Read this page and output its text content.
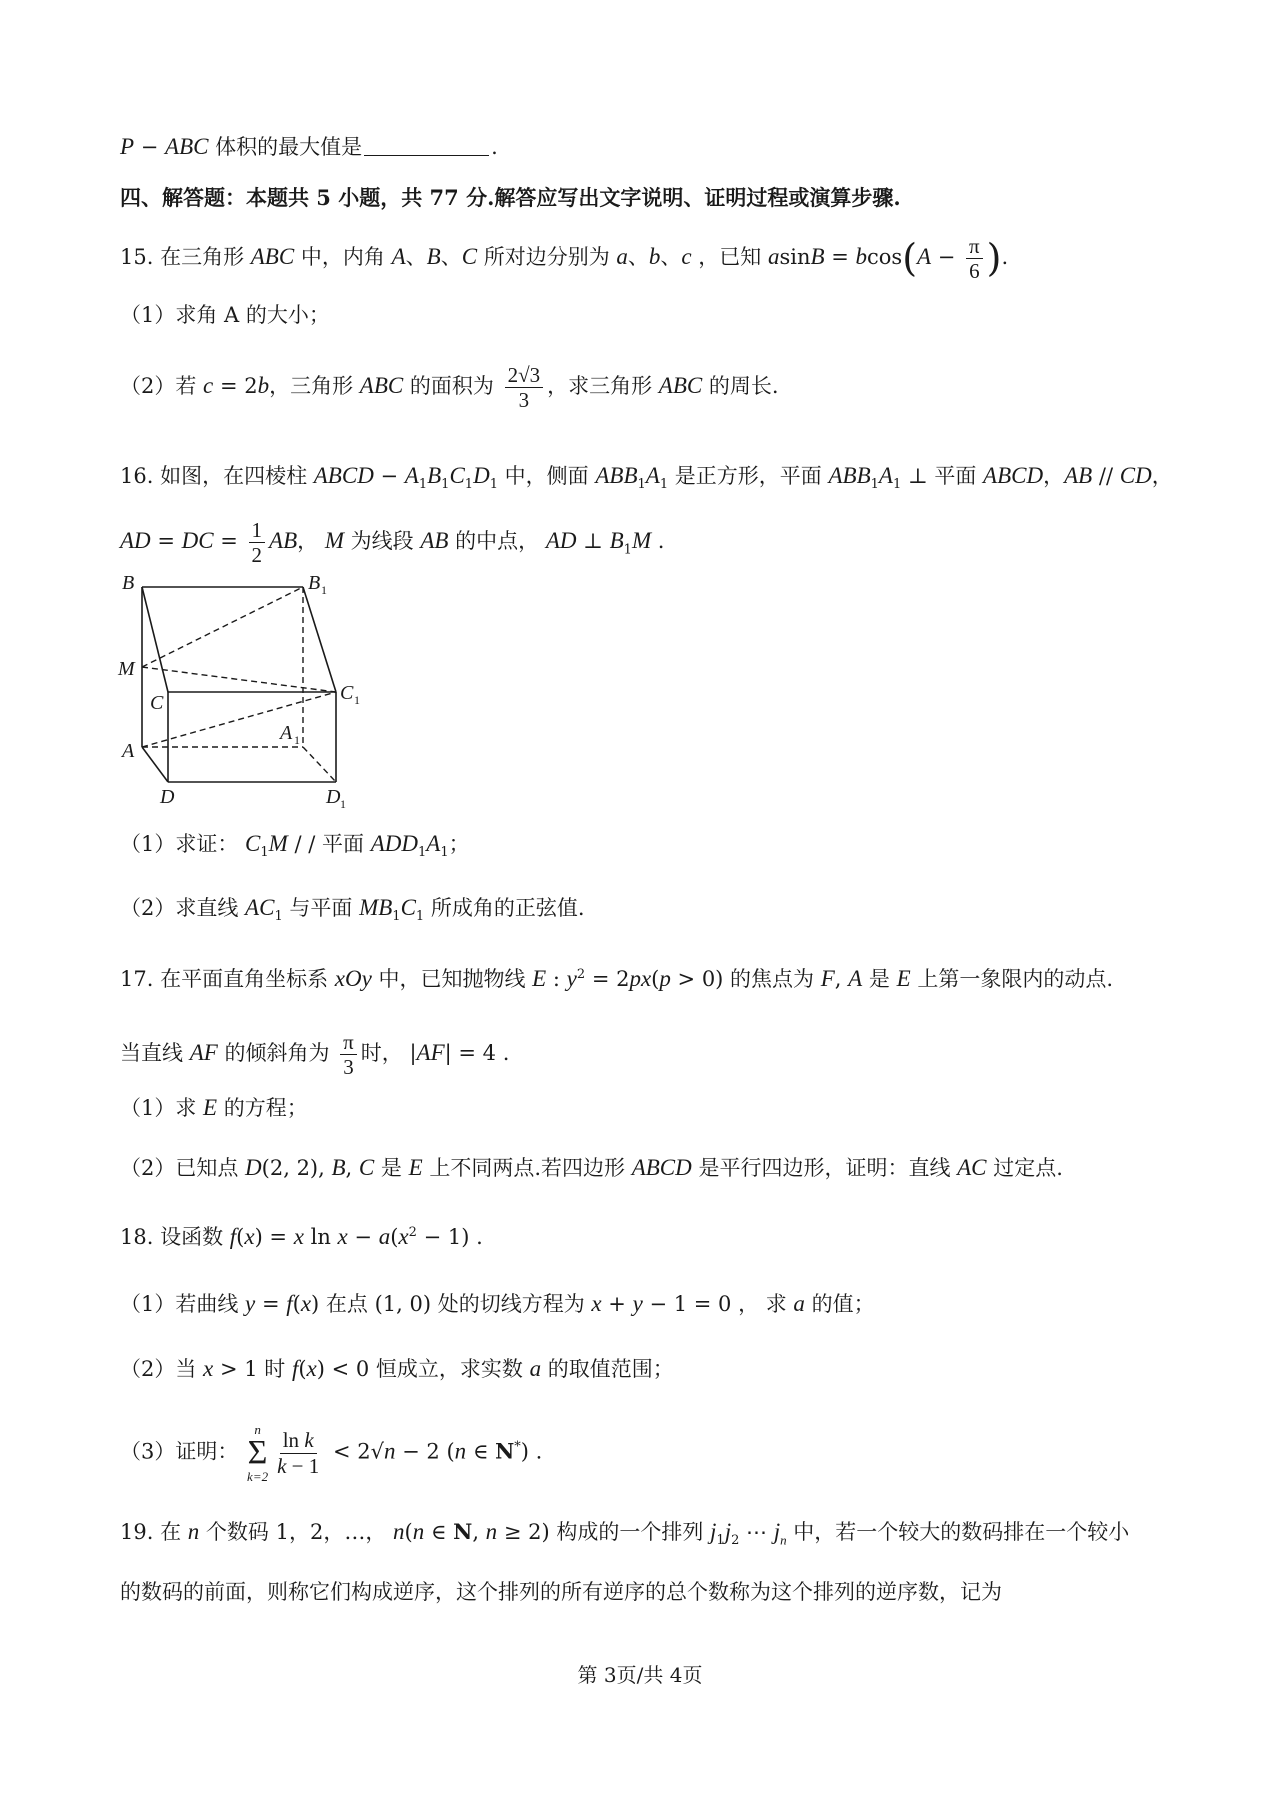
P − ABC 体积的最大值是	.
四、解答题：本题共 5 小题，共 77 分.解答应写出文字说明、证明过程或演算步骤.
15. 在三角形 ABC 中，内角 A、B、C 所对边分别为 a、b、c ，已知 $asinB = bcos(A - \frac{\pi}{6}$ ).
（1）求角 A 的大小；
（2）若 c = 2b，三角形 ABC 的面积为 $\frac{2√3}{3}$ ，求三角形 ABC 的周长.
16. 如图，在四棱柱 ABCD − $A_1B_1C_1D_1$ 中，侧面 $ABB_1A_1$ 是正方形，平面 $ABB_1A_1$ ⊥ 平面 ABCD，AB // CD，
AD = DC = $\frac{1}{2}$ AB， M 为线段 AB 的中点， AD ⊥ $B_1M$ .
B	B 1
M
C	C 1
A 1
A
D	D 1
（1）求证： $C_1M$ / / 平面 $ADD_1A_1$；
（2）求直线 $AC_1$ 与平面 $MB_1C_1$ 所成角的正弦值.
17. 在平面直角坐标系 xOy 中，已知抛物线 E : $y^2 = 2px(p > 0)$ 的焦点为 F, A 是 E 上第一象限内的动点.
当直线 AF 的倾斜角为 $\frac{\pi}{3}$ 时， |AF| = 4 .
（1）求 E 的方程；
（2）已知点 D(2, 2), B, C 是 E 上不同两点.若四边形 ABCD 是平行四边形，证明：直线 AC 过定点.
18. 设函数 f(x) = x $\ln x - a(x^2 - 1)$ .
（1）若曲线 y = f(x) 在点 (1, 0) 处的切线方程为 x + y − 1 = 0 ， 求 a 的值；
（2）当 x > 1 时 f(x) < 0 恒成立，求实数 a 的取值范围；
（3）证明：
n
Σ
$k=2 \frac{\text{ln k}}{k - 1} < 2√n - 2$ (n ∈ N*) .
19. 在 n 个数码 1，2，…， n(n ∈ N, n ≥ 2) 构成的一个排列 $j_1j_2$ ⋯ $j_n$ 中，若一个较大的数码排在一个较小
的数码的前面，则称它们构成逆序，这个排列的所有逆序的总个数称为这个排列的逆序数，记为
第 3页/共 4页
